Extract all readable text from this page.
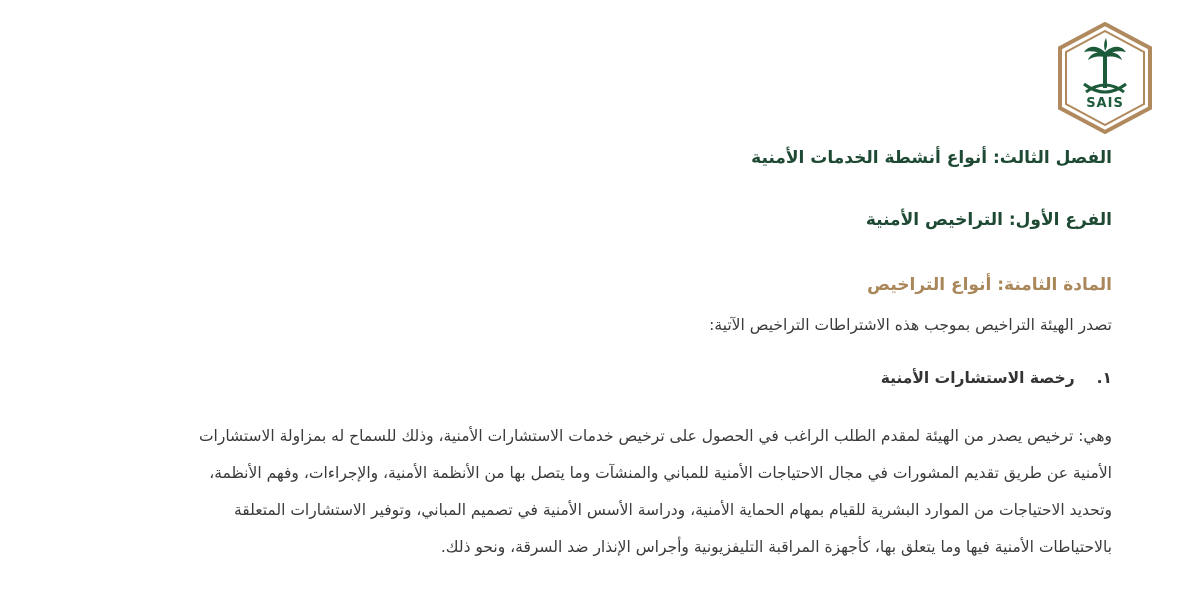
SAIS
الفصل الثالث: أنواع أنشطة الخدمات الأمنية
الفرع الأول: التراخيص الأمنية
المادة الثامنة: أنواع التراخيص
تصدر الهيئة التراخيص بموجب هذه الاشتراطات التراخيص الآتية:
١.رخصة الاستشارات الأمنية
وهي: ترخيص يصدر من الهيئة لمقدم الطلب الراغب في الحصول على ترخيص خدمات الاستشارات الأمنية، وذلك للسماح له بمزاولة الاستشارات
الأمنية عن طريق تقديم المشورات في مجال الاحتياجات الأمنية للمباني والمنشآت وما يتصل بها من الأنظمة الأمنية، والإجراءات، وفهم الأنظمة،
وتحديد الاحتياجات من الموارد البشرية للقيام بمهام الحماية الأمنية، ودراسة الأسس الأمنية في تصميم المباني، وتوفير الاستشارات المتعلقة
بالاحتياطات الأمنية فيها وما يتعلق بها، كأجهزة المراقبة التليفزيونية وأجراس الإنذار ضد السرقة، ونحو ذلك.
